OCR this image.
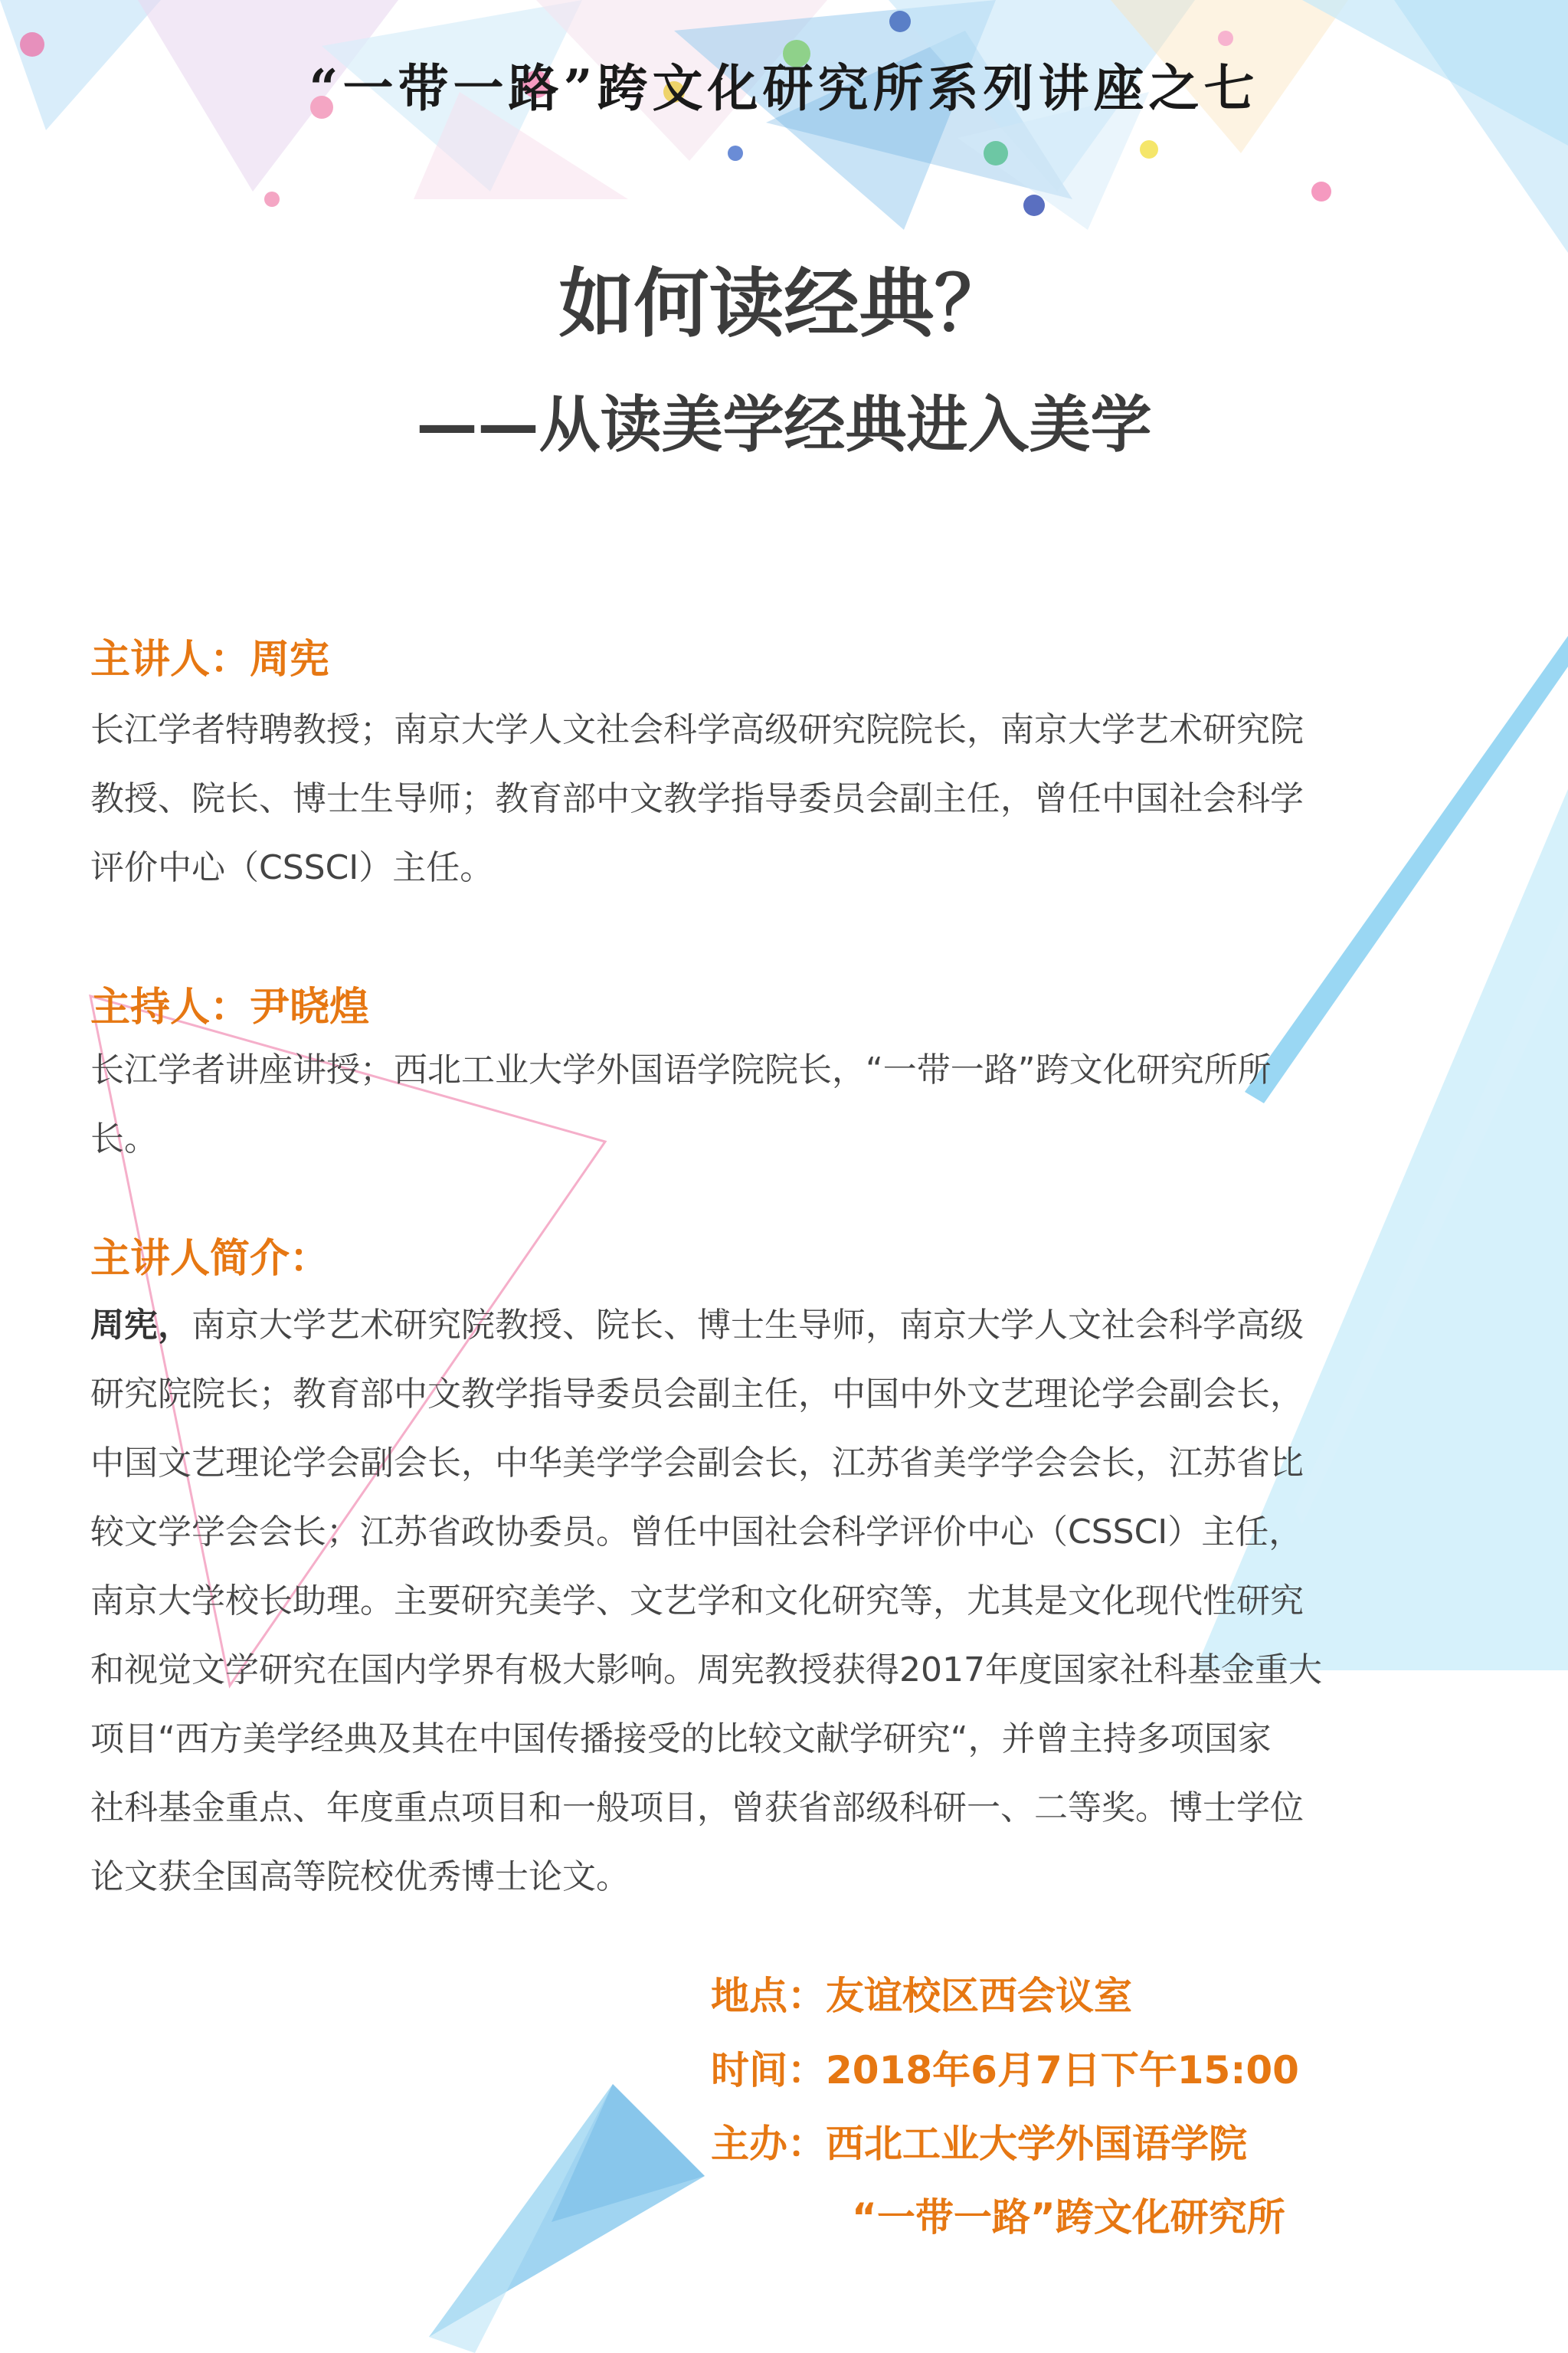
“一带一路”跨文化研究所系列讲座之七
如何读经典？
——从读美学经典进入美学
主讲人：周宪
长江学者特聘教授；南京大学人文社会科学高级研究院院长，南京大学艺术研究院
教授、院长、博士生导师；教育部中文教学指导委员会副主任，曾任中国社会科学
评价中心（CSSCI）主任。
主持人：尹晓煌
长江学者讲座讲授；西北工业大学外国语学院院长，“一带一路”跨文化研究所所
长。
主讲人简介：
周宪，南京大学艺术研究院教授、院长、博士生导师，南京大学人文社会科学高级
研究院院长；教育部中文教学指导委员会副主任，中国中外文艺理论学会副会长，
中国文艺理论学会副会长，中华美学学会副会长，江苏省美学学会会长，江苏省比
较文学学会会长；江苏省政协委员。曾任中国社会科学评价中心（CSSCI）主任，
南京大学校长助理。主要研究美学、文艺学和文化研究等，尤其是文化现代性研究
和视觉文学研究在国内学界有极大影响。周宪教授获得2017年度国家社科基金重大
项目“西方美学经典及其在中国传播接受的比较文献学研究“，并曾主持多项国家
社科基金重点、年度重点项目和一般项目，曾获省部级科研一、二等奖。博士学位
论文获全国高等院校优秀博士论文。
地点：友谊校区西会议室
时间：2018年6月7日下午15:00
主办：西北工业大学外国语学院
“一带一路”跨文化研究所
